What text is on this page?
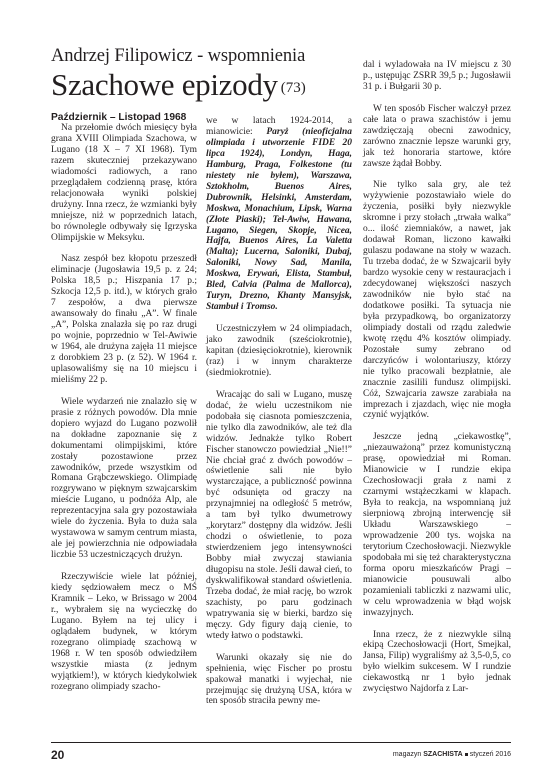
Andrzej Filipowicz - wspomnienia
Szachowe epizody (73)
Październik – Listopad 1968

Na przełomie dwóch miesięcy była grana XVIII Olimpiada Szachowa, w Lugano (18 X – 7 XI 1968). Tym razem skuteczniej przekazywano wiadomości radiowych, a rano przeglądałem codzienną prasę, która relacjonowała wyniki polskiej drużyny. Inna rzecz, że wzmianki były mniejsze, niż w poprzednich latach, bo równolegle odbywały się Igrzyska Olimpijskie w Meksyku.

Nasz zespół bez kłopotu przeszedł eliminacje (Jugosławia 19,5 p. z 24; Polska 18,5 p.; Hiszpania 17 p.; Szkocja 12,5 p. itd.), w których grało 7 zespołów, a dwa pierwsze awansowały do finału „A”. W finale „A”, Polska znalazła się po raz drugi po wojnie, poprzednio w Tel-Awiwie w 1964, ale drużyna zajęła 11 miejsce z dorobkiem 23 p. (z 52). W 1964 r. uplasowaliśmy się na 10 miejscu i mieliśmy 22 p.

Wiele wydarzeń nie znalazło się w prasie z różnych powodów. Dla mnie dopiero wyjazd do Lugano pozwolił na dokładne zapoznanie się z dokumentami olimpijskimi, które zostały pozostawione przez zawodników, przede wszystkim od Romana Grąbczewskiego. Olimpiadę rozgrywano w pięknym szwajcarskim mieście Lugano, u podnóża Alp, ale reprezentacyjna sala gry pozostawiała wiele do życzenia. Była to duża sala wystawowa w samym centrum miasta, ale jej powierzchnia nie odpowiadała liczbie 53 uczestniczących drużyn.

Rzeczywiście wiele lat później, kiedy sędziowałem mecz o MŚ Kramnik – Leko, w Brissago w 2004 r., wybrałem się na wycieczkę do Lugano. Byłem na tej ulicy i oglądałem budynek, w którym rozegrano olimpiadę szachową w 1968 r. W ten sposób odwiedziłem wszystkie miasta (z jednym wyjątkiem!), w których kiedykolwiek rozegrano olimpiady szacho-

we w latach 1924-2014, a mianowicie: Paryż (nieoficjalna olimpiada i utworzenie FIDE 20 lipca 1924), Londyn, Haga, Hamburg, Praga, Folkestone (tu niestety nie byłem), Warszawa, Sztokholm, Buenos Aires, Dubrownik, Helsinki, Amsterdam, Moskwa, Monachium, Lipsk, Warna (Złote Piaski); Tel-Awiw, Hawana, Lugano, Siegen, Skopje, Nicea, Hajfa, Buenos Aires, La Valetta (Malta); Lucerna, Saloniki, Dubaj, Saloniki, Nowy Sad, Manila, Moskwa, Erywań, Elista, Stambuł, Bled, Calvia (Palma de Mallorca), Turyn, Drezno, Khanty Mansyjsk, Stambuł i Tromso.

Uczestniczyłem w 24 olimpiadach, jako zawodnik (sześciokrotnie), kapitan (dziesięciokrotnie), kierownik (raz) i w innym charakterze (siedmiokrotnie).

Wracając do sali w Lugano, muszę dodać, że wielu uczestnikom nie podobała się ciasnota pomieszczenia, nie tylko dla zawodników, ale też dla widzów. Jednakże tylko Robert Fischer stanowczo powiedział „Nie!!” Nie chciał grać z dwóch powodów – oświetlenie sali nie było wystarczające, a publiczność powinna być odsunięta od graczy na przynajmniej na odległość 5 metrów, a tam był tylko dwumetrowy „korytarz” dostępny dla widzów. Jeśli chodzi o oświetlenie, to poza stwierdzeniem jego intensywności Bobby miał zwyczaj stawiania długopisu na stole. Jeśli dawał cień, to dyskwalifikował standard oświetlenia. Trzeba dodać, że miał rację, bo wzrok szachisty, po paru godzinach wpatrywania się w bierki, bardzo się męczy. Gdy figury dają cienie, to wtedy łatwo o podstawki.

Warunki okazały się nie do spełnienia, więc Fischer po prostu spakował manatki i wyjechał, nie przejmując się drużyną USA, która w ten sposób straciła pewny me-

dal i wyladowała na IV miejscu z 30 p., ustępując ZSRR 39,5 p.; Jugosławii 31 p. i Bułgarii 30 p.

W ten sposób Fischer walczył przez całe lata o prawa szachistów i jemu zawdzięczają obecni zawodnicy, zarówno znacznie lepsze warunki gry, jak też honoraria startowe, które zawsze żądał Bobby.

Nie tylko sala gry, ale też wyżywienie pozostawiało wiele do życzenia, posiłki były niezwykle skromne i przy stołach „trwała walka” o... ilość ziemniaków, a nawet, jak dodawał Roman, liczono kawałki gulaszu podawane na stoły w wazach. Tu trzeba dodać, że w Szwajcarii były bardzo wysokie ceny w restauracjach i zdecydowanej większości naszych zawodników nie było stać na dodatkowe posiłki. Ta sytuacja nie była przypadkową, bo organizatorzy olimpiady dostali od rządu zaledwie kwotę rzędu 4% kosztów olimpiady. Pozostałe sumy zebrano od darczyńców i wolontariuszy, którzy nie tylko pracowali bezpłatnie, ale znacznie zasilili fundusz olimpijski. Cóż, Szwajcaria zawsze zarabiała na imprezach i zjazdach, więc nie mogła czynić wyjątków.

Jeszcze jedną „ciekawostkę”, „niezauważoną” przez komunistyczną prasę, opowiedział mi Roman. Mianowicie w I rundzie ekipa Czechosłowacji grała z nami z czarnymi wstążeczkami w klapach. Była to reakcja, na wspomnianą już sierpniową zbrojną interwencję sił Układu Warszawskiego – wprowadzenie 200 tys. wojska na terytorium Czechosłowacji. Niezwykle spodobała mi się też charakterystyczna forma oporu mieszkańców Pragi – mianowicie pousuwali albo pozamieniali tabliczki z nazwami ulic, w celu wprowadzenia w błąd wojsk inwazyjnych.

Inna rzecz, że z niezwykle silną ekipą Czechosłowacji (Hort, Smejkal, Jansa, Filip) wygraliśmy aż 3,5-0,5, co było wielkim sukcesem. W I rundzie ciekawostką nr 1 było jednak zwycięstwo Najdorfa z Lar-

20	magazyn SZACHISTA styczeń 2016
